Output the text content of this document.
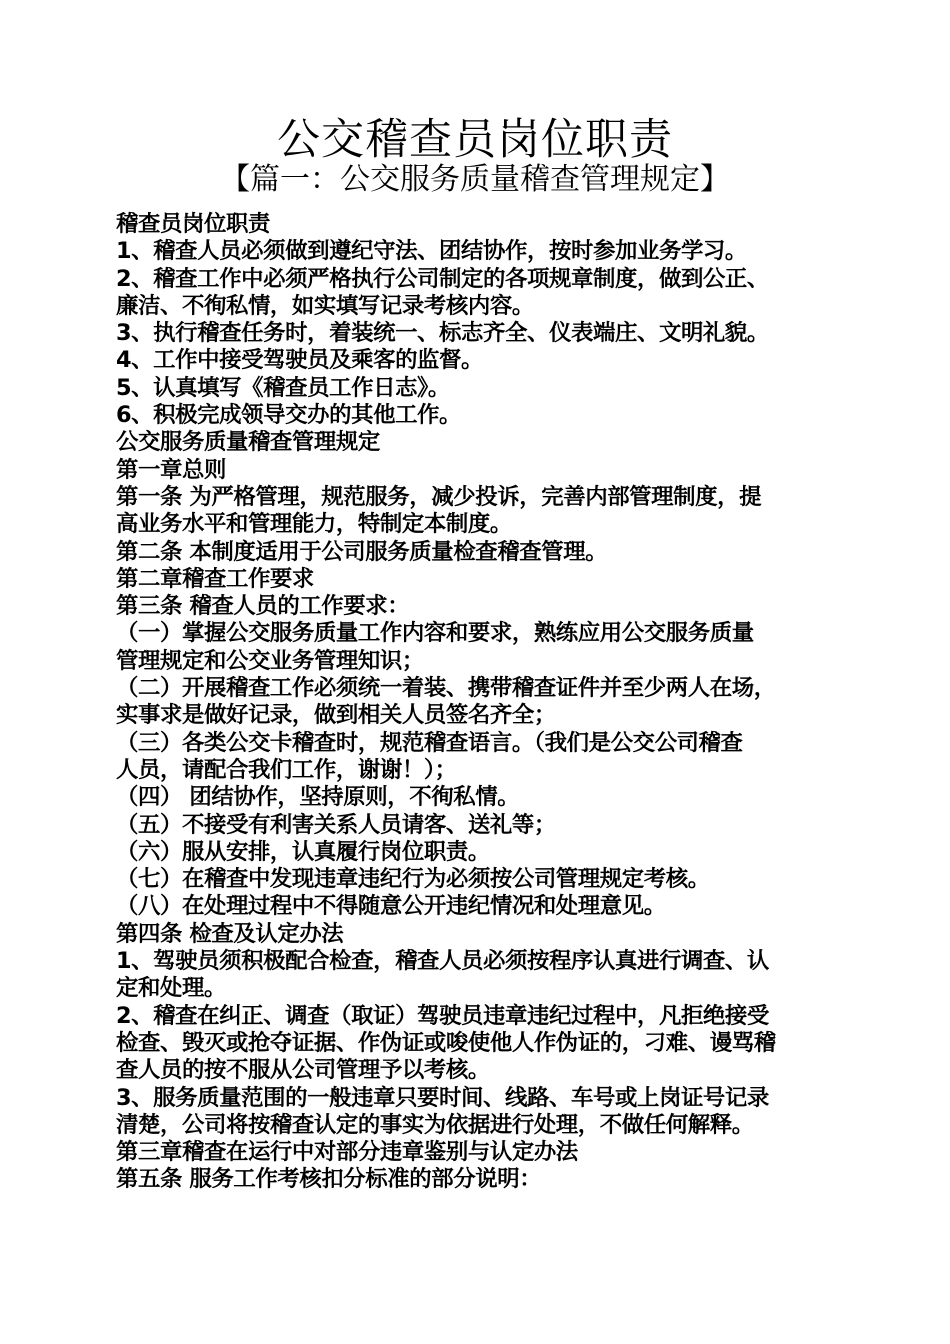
公交稽查员岗位职责
【篇一：公交服务质量稽查管理规定】
稽查员岗位职责
1、稽查人员必须做到遵纪守法、团结协作，按时参加业务学习。
2、稽查工作中必须严格执行公司制定的各项规章制度，做到公正、
廉洁、不徇私情，如实填写记录考核内容。
3、执行稽查任务时，着装统一、标志齐全、仪表端庄、文明礼貌。
4、工作中接受驾驶员及乘客的监督。
5、认真填写《稽查员工作日志》。
6、积极完成领导交办的其他工作。
公交服务质量稽查管理规定
第一章总则
第一条 为严格管理，规范服务，减少投诉，完善内部管理制度，提
高业务水平和管理能力，特制定本制度。
第二条 本制度适用于公司服务质量检查稽查管理。
第二章稽查工作要求
第三条 稽查人员的工作要求：
（一）掌握公交服务质量工作内容和要求，熟练应用公交服务质量
管理规定和公交业务管理知识；
（二）开展稽查工作必须统一着装、携带稽查证件并至少两人在场，
实事求是做好记录，做到相关人员签名齐全；
（三）各类公交卡稽查时，规范稽查语言。（我们是公交公司稽查
人员，请配合我们工作，谢谢！）；
（四） 团结协作，坚持原则，不徇私情。
（五）不接受有利害关系人员请客、送礼等；
（六）服从安排，认真履行岗位职责。
（七）在稽查中发现违章违纪行为必须按公司管理规定考核。
（八）在处理过程中不得随意公开违纪情况和处理意见。
第四条 检查及认定办法
1、驾驶员须积极配合检查，稽查人员必须按程序认真进行调查、认
定和处理。
2、稽查在纠正、调查（取证）驾驶员违章违纪过程中，凡拒绝接受
检查、毁灭或抢夺证据、作伪证或唆使他人作伪证的，刁难、谩骂稽
查人员的按不服从公司管理予以考核。
3、服务质量范围的一般违章只要时间、线路、车号或上岗证号记录
清楚，公司将按稽查认定的事实为依据进行处理，不做任何解释。
第三章稽查在运行中对部分违章鉴别与认定办法
第五条 服务工作考核扣分标准的部分说明：
